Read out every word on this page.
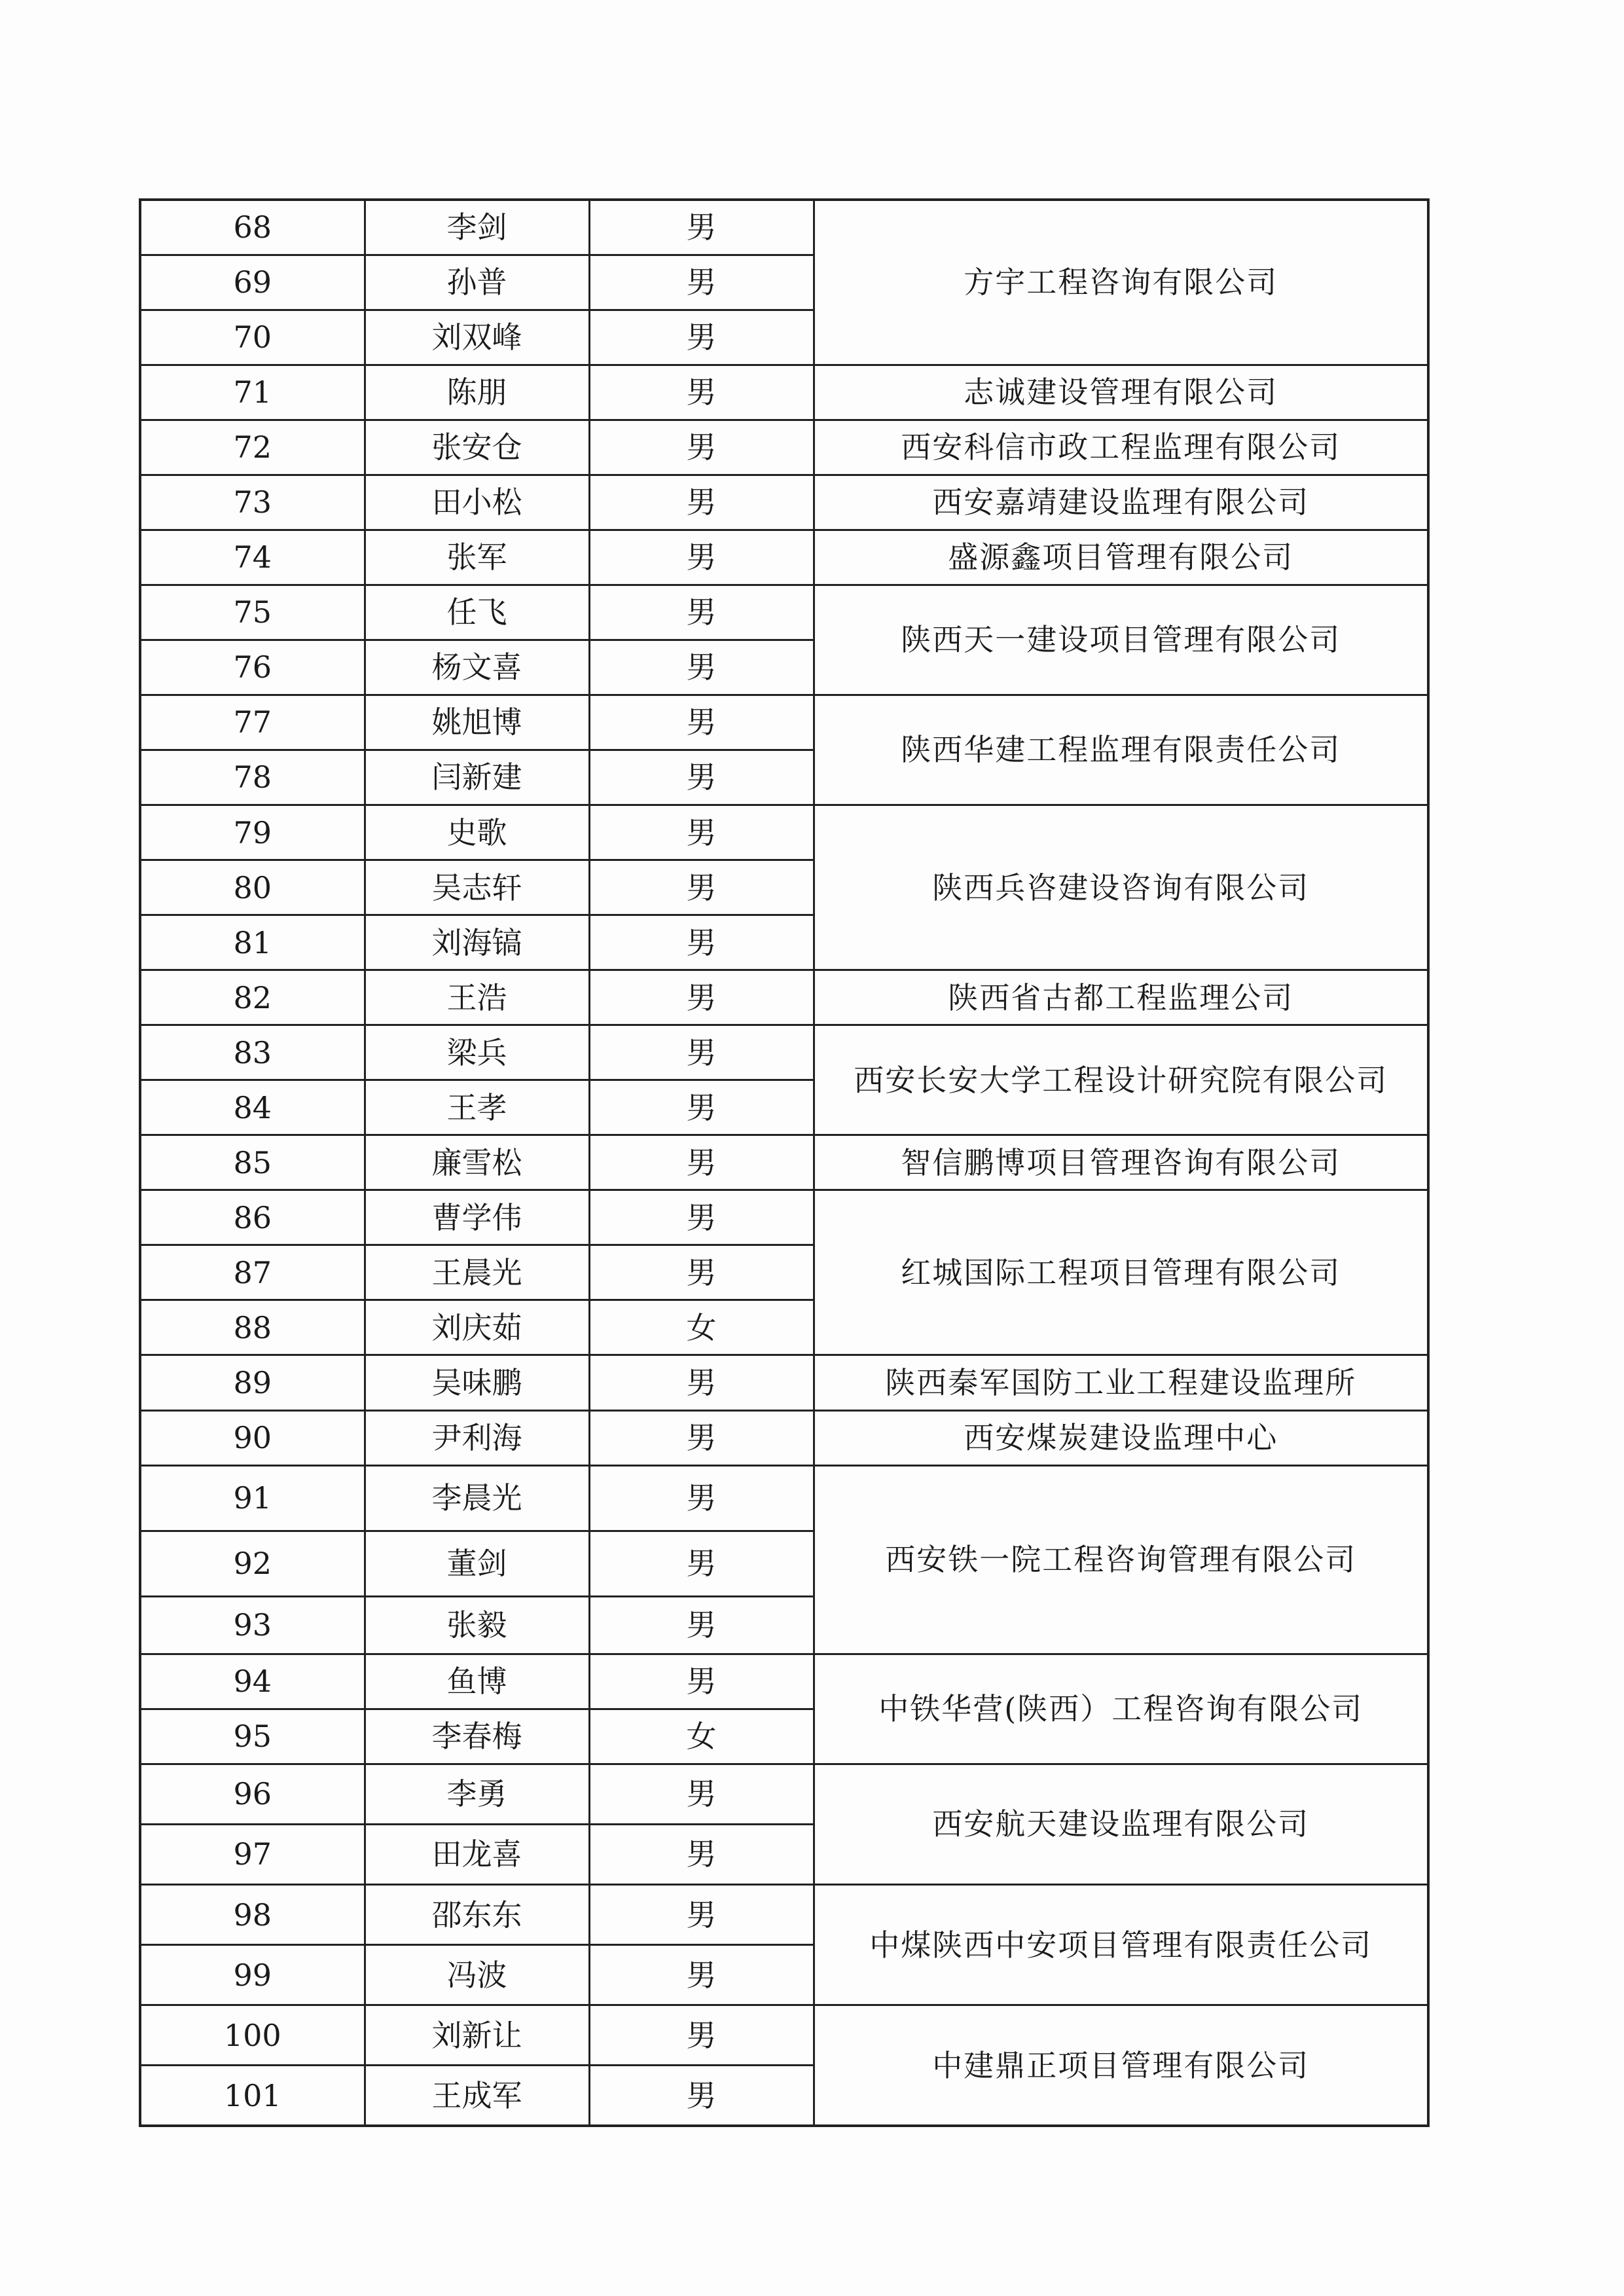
68	李剑	男	方宇工程咨询有限公司
69	孙普	男	
70	刘双峰	男	
71	陈朋	男	志诚建设管理有限公司
72	张安仓	男	西安科信市政工程监理有限公司
73	田小松	男	西安嘉靖建设监理有限公司
74	张军	男	盛源鑫项目管理有限公司
75	任飞	男	陕西天一建设项目管理有限公司
76	杨文喜	男	
77	姚旭博	男	陕西华建工程监理有限责任公司
78	闫新建	男	
79	史歌	男	陕西兵咨建设咨询有限公司
80	吴志轩	男	
81	刘海镐	男	
82	王浩	男	陕西省古都工程监理公司
83	梁兵	男	西安长安大学工程设计研究院有限公司
84	王孝	男	
85	廉雪松	男	智信鹏博项目管理咨询有限公司
86	曹学伟	男	红城国际工程项目管理有限公司
87	王晨光	男	
88	刘庆茹	女	
89	吴味鹏	男	陕西秦军国防工业工程建设监理所
90	尹利海	男	西安煤炭建设监理中心
91	李晨光	男	西安铁一院工程咨询管理有限公司
92	董剑	男	
93	张毅	男	
94	鱼博	男	中铁华营(陕西）工程咨询有限公司
95	李春梅	女	
96	李勇	男	西安航天建设监理有限公司
97	田龙喜	男	
98	邵东东	男	中煤陕西中安项目管理有限责任公司
99	冯波	男	
100	刘新让	男	中建鼎正项目管理有限公司
101	王成军	男	
